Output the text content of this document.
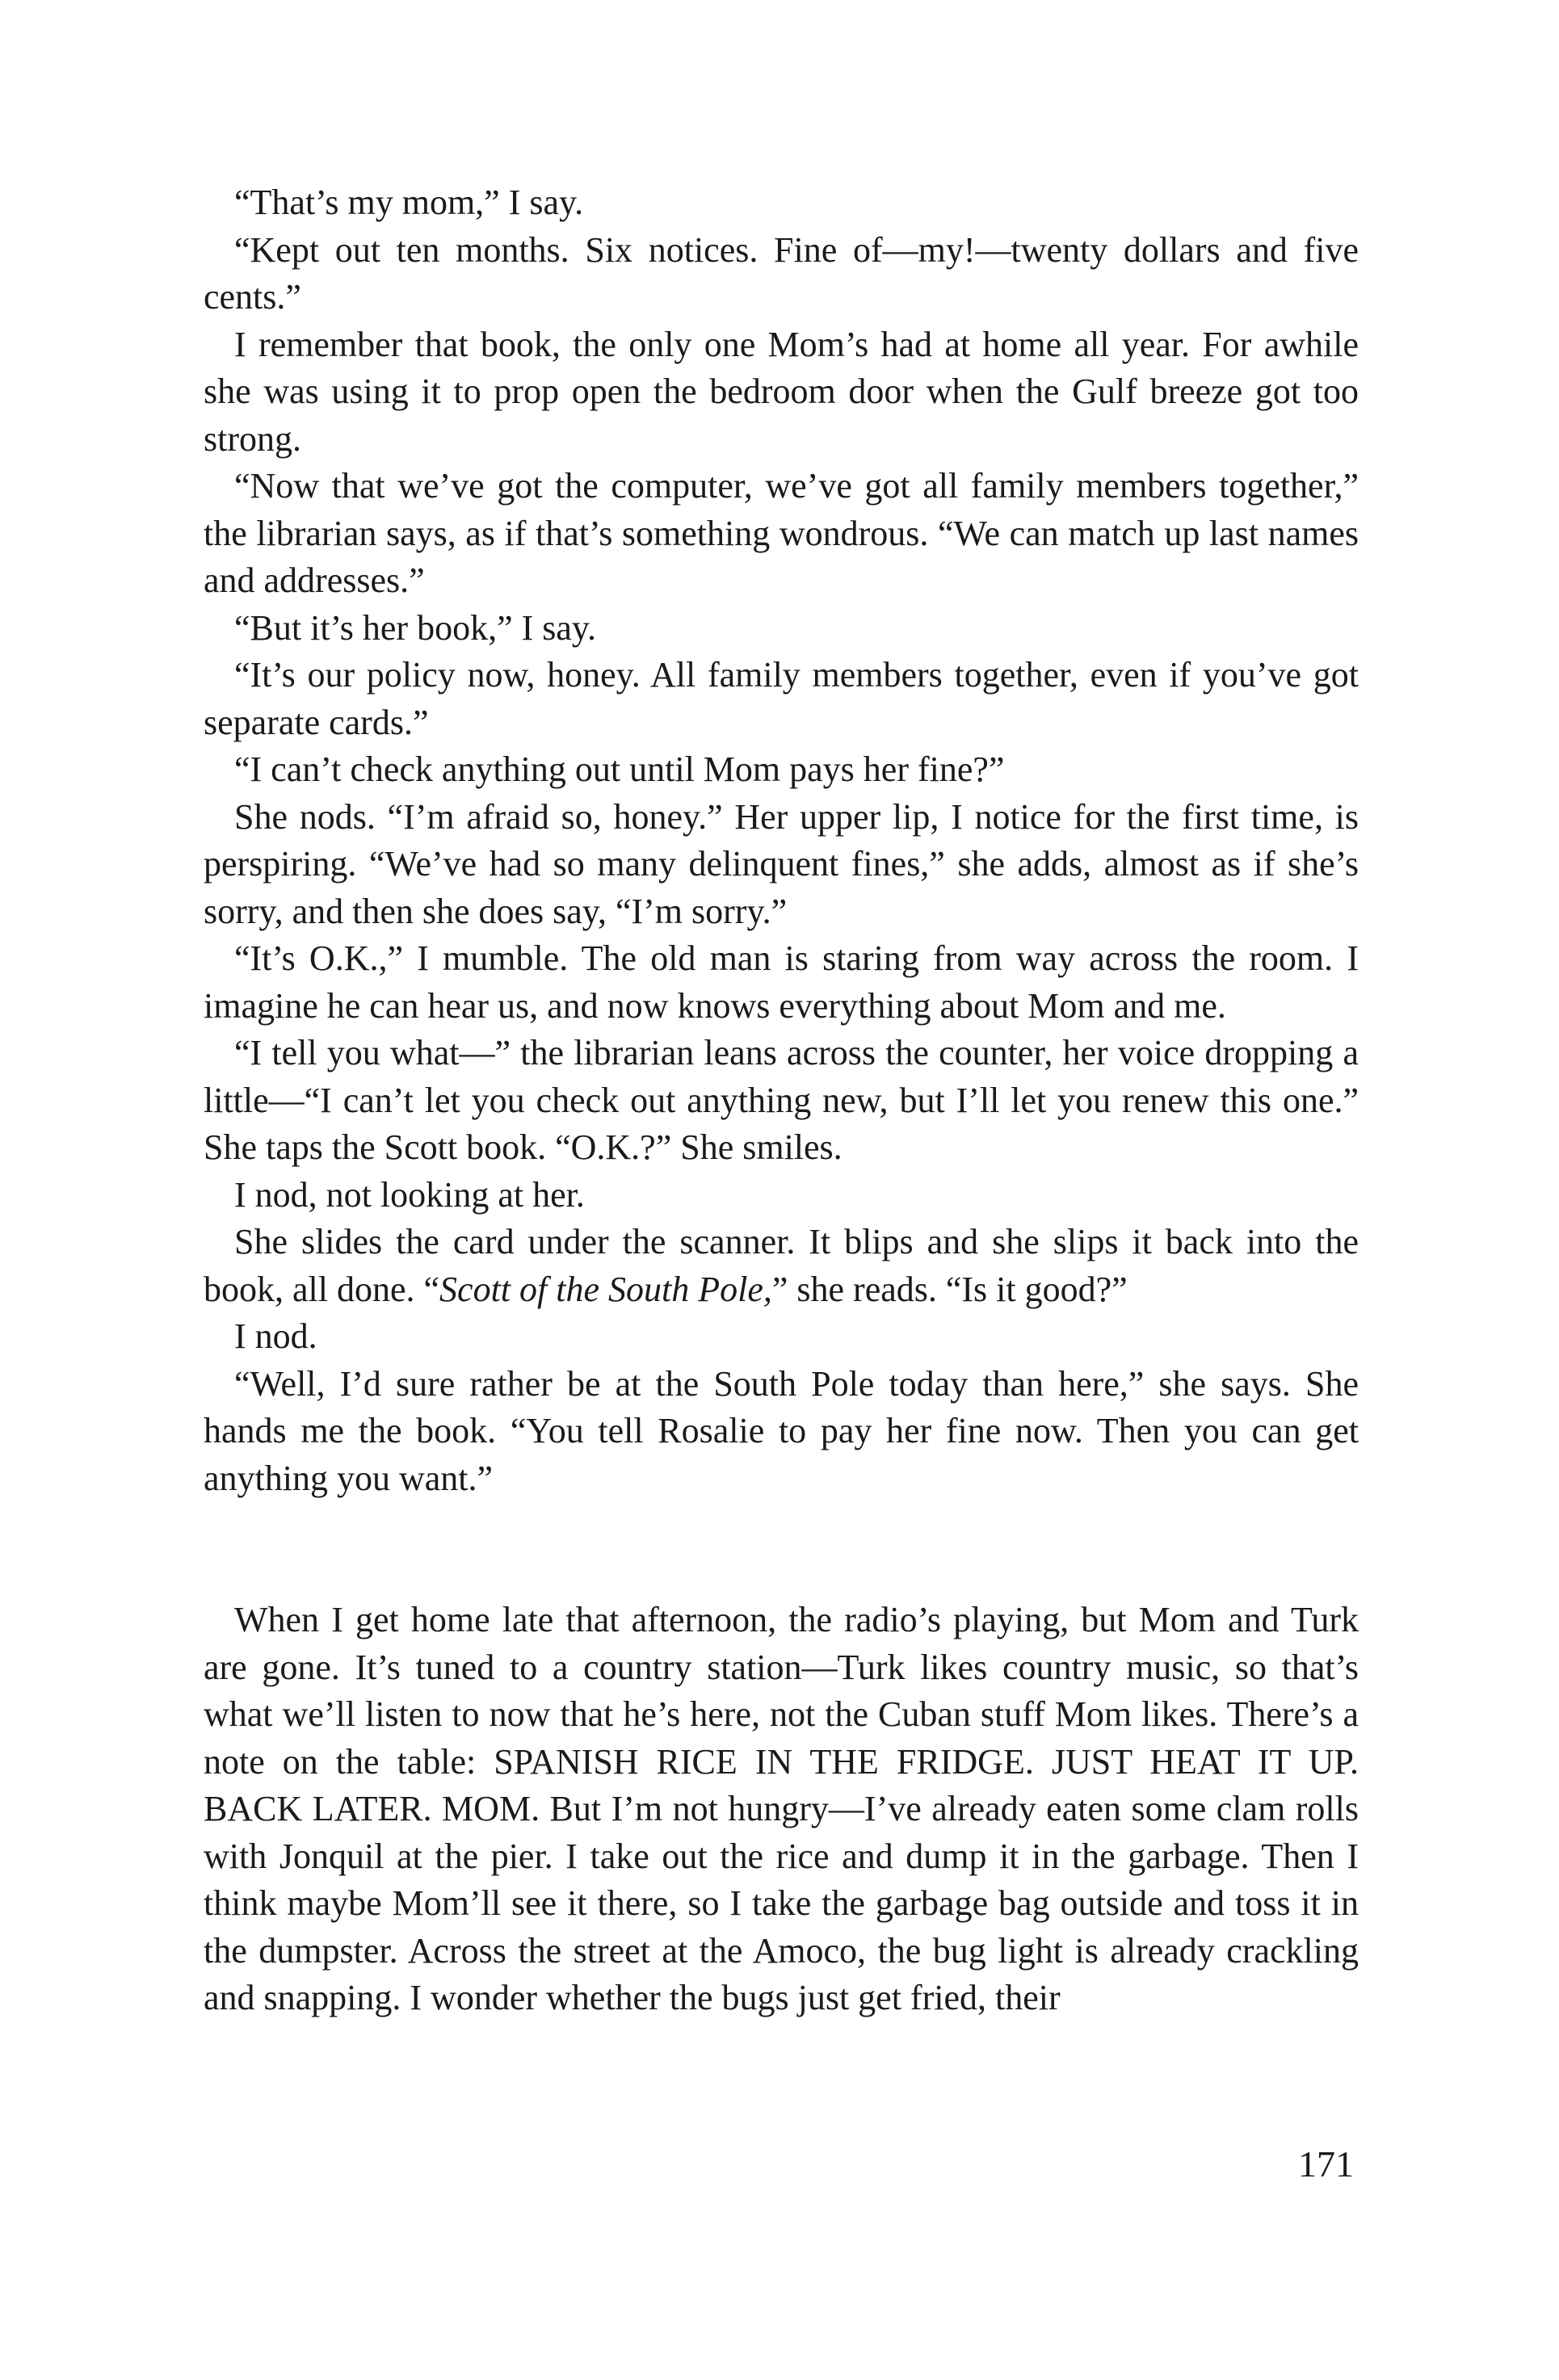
“That’s my mom,” I say.

“Kept out ten months. Six notices. Fine of—my!—twenty dollars and five cents.”

I remember that book, the only one Mom’s had at home all year. For awhile she was using it to prop open the bedroom door when the Gulf breeze got too strong.

“Now that we’ve got the computer, we’ve got all family members together,” the librarian says, as if that’s something wondrous. “We can match up last names and addresses.”

“But it’s her book,” I say.

“It’s our policy now, honey. All family members together, even if you’ve got separate cards.”

“I can’t check anything out until Mom pays her fine?”

She nods. “I’m afraid so, honey.” Her upper lip, I notice for the first time, is perspiring. “We’ve had so many delinquent fines,” she adds, almost as if she’s sorry, and then she does say, “I’m sorry.”

“It’s O.K.,” I mumble. The old man is staring from way across the room. I imagine he can hear us, and now knows everything about Mom and me.

“I tell you what—” the librarian leans across the counter, her voice dropping a little—“I can’t let you check out anything new, but I’ll let you renew this one.” She taps the Scott book. “O.K.?” She smiles.

I nod, not looking at her.

She slides the card under the scanner. It blips and she slips it back into the book, all done. “Scott of the South Pole,” she reads. “Is it good?”

I nod.

“Well, I’d sure rather be at the South Pole today than here,” she says. She hands me the book. “You tell Rosalie to pay her fine now. Then you can get anything you want.”

When I get home late that afternoon, the radio’s playing, but Mom and Turk are gone. It’s tuned to a country station—Turk likes country music, so that’s what we’ll listen to now that he’s here, not the Cuban stuff Mom likes. There’s a note on the table: SPANISH RICE IN THE FRIDGE. JUST HEAT IT UP. BACK LATER. MOM. But I’m not hungry—I’ve already eaten some clam rolls with Jonquil at the pier. I take out the rice and dump it in the garbage. Then I think maybe Mom’ll see it there, so I take the garbage bag outside and toss it in the dumpster. Across the street at the Amoco, the bug light is already crackling and snapping. I wonder whether the bugs just get fried, their

171
